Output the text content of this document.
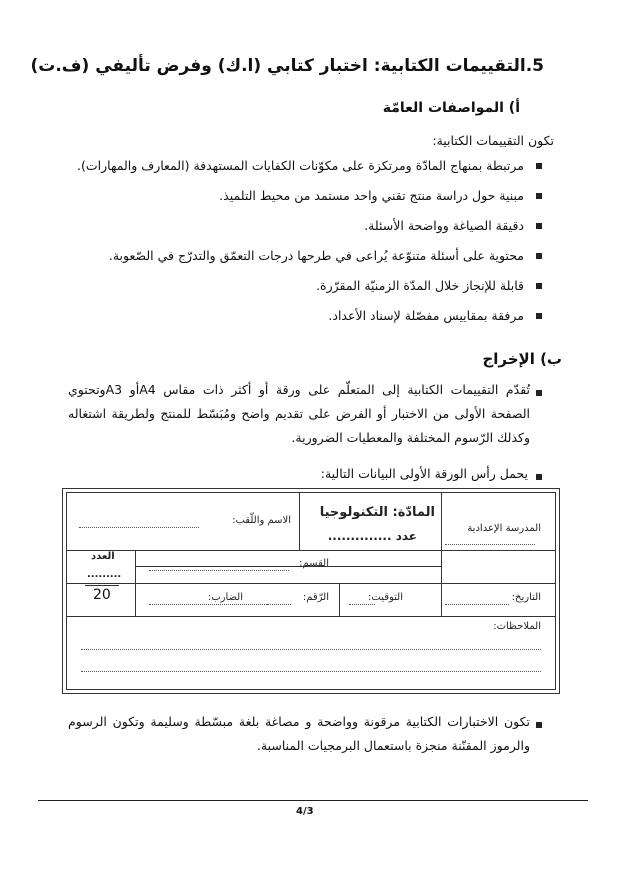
5.التقييمات الكتابية: اختبار كتابي (ا.ك) وفرض تأليفي (ف.ت)
أ) المواصفات العامّة
تكون التقييمات الكتابية:
مرتبطة بمنهاج المادّة ومرتكزة على مكوّنات الكفايات المستهدفة (المعارف والمهارات).
مبنية حول دراسة منتج تقني واحد مستمد من محيط التلميذ.
دقيقة الصياغة وواضحة الأسئلة.
محتوية على أسئلة متنوّعة يُراعى في طرحها درجات التعمّق والتدرّج في الصّعوبة.
قابلة للإنجاز خلال المدّة الزمنيّة المقرّرة.
مرفقة بمقاييس مفصّلة لإسناد الأعداد.
ب) الإخراج
تُقدّم التقييمات الكتابية إلى المتعلّم على ورقة أو أكثر ذات مقاس A4أو A3وتحتوي الصفحة الأولى من الاختبار أو الفرض على تقديم واضح ومُبَسّط للمنتج ولطريقة اشتغاله وكذلك الرّسوم المختلفة والمعطيات الضرورية.
يحمل رأس الورقة الأولى البيانات التالية:
المدرسة الإعدادية
المادّة: التكنولوجيا
عدد ..............
الاسم واللّقب:
العدد
.........
20
القسم:
الرّقم:	التاريخ:
التوقيت:
الضارب:
الملاحظات:
تكون الاختبارات الكتابية مرقونة وواضحة و مصاغة بلغة مبسّطة وسليمة وتكون الرسوم والرموز المقنّنة منجزة باستعمال البرمجيات المناسبة.
4/3
